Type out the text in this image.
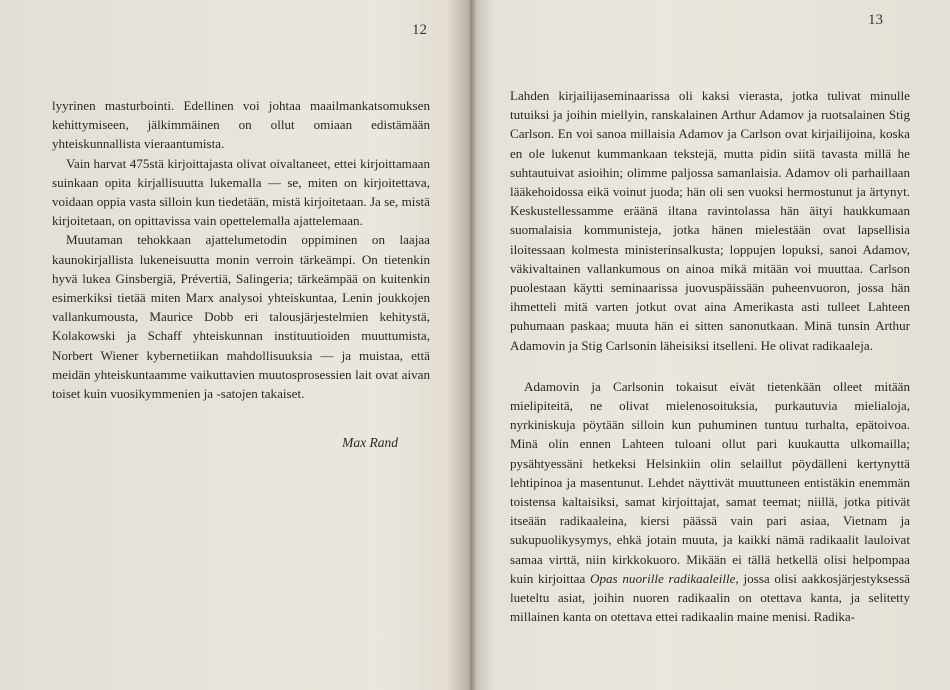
12

lyyrinen masturbointi. Edellinen voi johtaa maailmankatsomuksen kehittymiseen, jälkimmäinen on ollut omiaan edistämään yhteiskunnallista vieraantumista.

Vain harvat 475stä kirjoittajasta olivat oivaltaneet, ettei kirjoittamaan suinkaan opita kirjallisuutta lukemalla — se, miten on kirjoitettava, voidaan oppia vasta silloin kun tiedetään, mistä kirjoitetaan. Ja se, mistä kirjoitetaan, on opittavissa vain opettelemalla ajattelemaan.

Muutaman tehokkaan ajattelumetodin oppiminen on laajaa kaunokirjallista lukeneisuutta monin verroin tärkeämpi. On tietenkin hyvä lukea Ginsbergiä, Prévertiä, Salingeria; tärkeämpää on kuitenkin esimerkiksi tietää miten Marx analysoi yhteiskuntaa, Lenin joukkojen vallankumousta, Maurice Dobb eri talousjärjestelmien kehitystä, Kolakowski ja Schaff yhteiskunnan instituutioiden muuttumista, Norbert Wiener kybernetiikan mahdollisuuksia — ja muistaa, että meidän yhteiskuntaamme vaikuttavien muutosprosessien lait ovat aivan toiset kuin vuosikymmenien ja -satojen takaiset.

Max Rand
13

Lahden kirjailijaseminaarissa oli kaksi vierasta, jotka tulivat minulle tutuiksi ja joihin miellyin, ranskalainen Arthur Adamov ja ruotsalainen Stig Carlson. En voi sanoa millaisia Adamov ja Carlson ovat kirjailijoina, koska en ole lukenut kummankaan tekstejä, mutta pidin siitä tavasta millä he suhtautuivat asioihin; olimme paljossa samanlaisia. Adamov oli parhaillaan lääkehoidossa eikä voinut juoda; hän oli sen vuoksi hermostunut ja ärtynyt. Keskustellessamme eräänä iltana ravintolassa hän äityi haukkumaan suomalaisia kommunisteja, jotka hänen mielestään ovat lapsellisia iloitessaan kolmesta ministerinsalkusta; loppujen lopuksi, sanoi Adamov, väkivaltainen vallankumous on ainoa mikä mitään voi muuttaa. Carlson puolestaan käytti seminaarissa juovuspäissään puheenvuoron, jossa hän ihmetteli mitä varten jotkut ovat aina Amerikasta asti tulleet Lahteen puhumaan paskaa; muuta hän ei sitten sanonutkaan. Minä tunsin Arthur Adamovin ja Stig Carlsonin läheisiksi itselleni. He olivat radikaaleja.

Adamovin ja Carlsonin tokaisut eivät tietenkään olleet mitään mielipiteitä, ne olivat mielenosoituksia, purkautuvia mielialoja, nyrkiniskuja pöytään silloin kun puhuminen tuntuu turhalta, epätoivoa. Minä olin ennen Lahteen tuloani ollut pari kuukautta ulkomailla; pysähtyessäni hetkeksi Helsinkiin olin selaillut pöydälleni kertynyttä lehtipinoa ja masentunut. Lehdet näyttivät muuttuneen entistäkin enemmän toistensa kaltaisiksi, samat kirjoittajat, samat teemat; niillä, jotka pitivät itseään radikaaleina, kiersi päässä vain pari asiaa, Vietnam ja sukupuolikysymys, ehkä jotain muuta, ja kaikki nämä radikaalit lauloivat samaa virttä, niin kirkkokuoro. Mikään ei tällä hetkellä olisi helpompaa kuin kirjoittaa Opas nuorille radikaaleille, jossa olisi aakkosjärjestyksessä lueteltu asiat, joihin nuoren radikaalin on otettava kanta, ja selitetty millainen kanta on otettava ettei radikaalin maine menisi. Radika-
